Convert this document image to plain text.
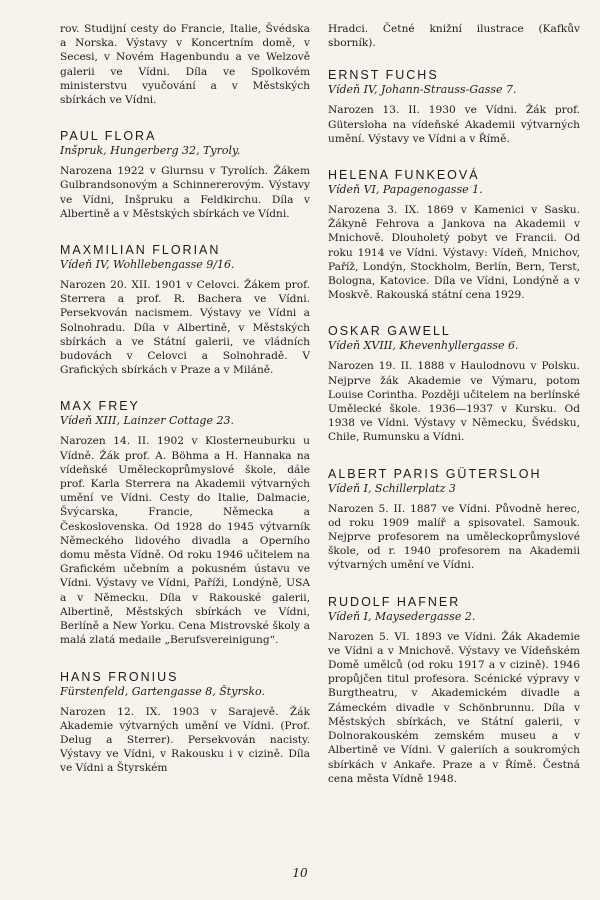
rov. Studijní cesty do Francie, Italie, Švédska a Norska. Výstavy v Koncertním domě, v Secesi, v Novém Hagenbundu a ve Welzově galerii ve Vídni. Díla ve Spolkovém ministerstvu vyučování a v Městských sbírkách ve Vídni.

PAUL FLORA

Inšpruk, Hungerberg 32, Tyroly.

Narozena 1922 v Glurnsu v Tyrolích. Žákem Gulbrandsonovým a Schinnererovým. Výstavy ve Vídni, Inšpruku a Feldkirchu. Díla v Albertině a v Městských sbírkách ve Vídni.

MAXMILIAN FLORIAN

Vídeň IV, Wohllebengasse 9/16.

Narozen 20. XII. 1901 v Celovci. Žákem prof. Sterrera a prof. R. Bachera ve Vídni. Persekvován nacismem. Výstavy ve Vídni a Solnohradu. Díla v Albertině, v Městských sbírkách a ve Státní galerii, ve vládních budovách v Celovci a Solnohradě. V Grafických sbírkách v Praze a v Miláně.

MAX FREY

Vídeň XIII, Lainzer Cottage 23.

Narozen 14. II. 1902 v Klosterneuburku u Vídně. Žák prof. A. Böhma a H. Hannaka na vídeňské Uměleckoprůmyslové škole, dále prof. Karla Sterrera na Akademii výtvarných umění ve Vídni. Cesty do Italie, Dalmacie, Švýcarska, Francie, Německa a Československa. Od 1928 do 1945 výtvarník Německého lidového divadla a Operního domu města Vídně. Od roku 1946 učitelem na Grafickém učebním a pokusném ústavu ve Vídni. Výstavy ve Vídni, Paříži, Londýně, USA a v Německu. Díla v Rakouské galerii, Albertině, Městských sbírkách ve Vídni, Berlíně a New Yorku. Cena Mistrovské školy a malá zlatá medaile „Berufsvereinigung“.

HANS FRONIUS

Fürstenfeld, Gartengasse 8, Štyrsko.

Narozen 12. IX. 1903 v Sarajevě. Žák Akademie výtvarných umění ve Vídni. (Prof. Delug a Sterrer). Persekvován nacisty. Výstavy ve Vídni, v Rakousku i v cizině. Díla ve Vídni a Štyrském

Hradci. Četné knižní ilustrace (Kafkův sborník).

ERNST FUCHS

Vídeň IV, Johann-Strauss-Gasse 7.

Narozen 13. II. 1930 ve Vídni. Žák prof. Güterslоha na vídeňské Akademii výtvarných umění. Výstavy ve Vídni a v Římě.

HELENA FUNKEOVÁ

Vídeň VI, Papagenogasse 1.

Narozena 3. IX. 1869 v Kamenici v Sasku. Žákyně Fehrova a Jankova na Akademii v Mnichově. Dlouholetý pobyt ve Francii. Od roku 1914 ve Vídni. Výstavy: Vídeň, Mnichov, Paříž, Londýn, Stockholm, Berlín, Bern, Terst, Bologna, Katovice. Díla ve Vídni, Londýně a v Moskvě. Rakouská státní cena 1929.

OSKAR GAWELL

Vídeň XVIII, Khevenhyllergasse 6.

Narozen 19. II. 1888 v Haulodnovu v Polsku. Nejprve žák Akademie ve Výmaru, potom Louise Corintha. Později učitelem na berlínské Umělecké škole. 1936—1937 v Kursku. Od 1938 ve Vídni. Výstavy v Německu, Švédsku, Chile, Rumunsku a Vídni.

ALBERT PARIS GÜTERSLOH

Vídeň I, Schillerplatz 3

Narozen 5. II. 1887 ve Vídni. Původně herec, od roku 1909 malíř a spisovatel. Samouk. Nejprve profesorem na uměleckoprůmyslové škole, od r. 1940 profesorem na Akademii výtvarných umění ve Vídni.

RUDOLF HAFNER

Vídeň I, Maysedergasse 2.

Narozen 5. VI. 1893 ve Vídni. Žák Akademie ve Vídni a v Mnichově. Výstavy ve Vídeňském Domě umělců (od roku 1917 a v cizině). 1946 propůjčen titul profesora. Scénické výpravy v Burgtheatru, v Akademickém divadle a Zámeckém divadle v Schönbrunnu. Díla v Městských sbírkách, ve Státní galerii, v Dolnorakouském zemském museu a v Albertině ve Vídni. V galeriích a soukromých sbírkách v Ankaře. Praze a v Římě. Čestná cena města Vídně 1948.

10
